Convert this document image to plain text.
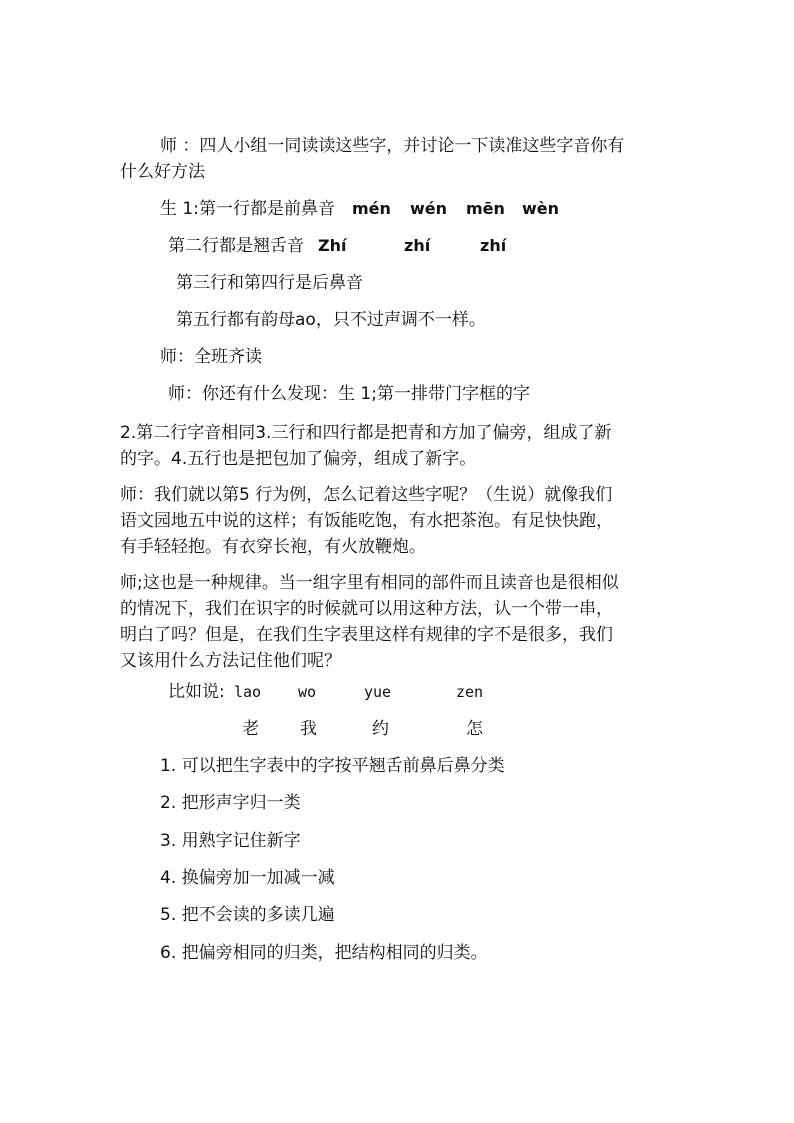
师 ：四人小组一同读读这些字，并讨论一下读准这些字音你有
什么好方法
生 1:第一行都是前鼻音 mén wén mēn wèn
第二行都是翘舌音 Zhí	zhí	zhí
第三行和第四行是后鼻音
第五行都有韵母ao，只不过声调不一样。
师：全班齐读
师：你还有什么发现：生 1;第一排带门字框的字
2.第二行字音相同3.三行和四行都是把青和方加了偏旁，组成了新
的字。4.五行也是把包加了偏旁，组成了新字。
师：我们就以第5 行为例，怎么记着这些字呢？（生说）就像我们
语文园地五中说的这样；有饭能吃饱，有水把茶泡。有足快快跑，
有手轻轻抱。有衣穿长袍，有火放鞭炮。
师;这也是一种规律。当一组字里有相同的部件而且读音也是很相似
的情况下，我们在识字的时候就可以用这种方法，认一个带一串，
明白了吗？但是，在我们生字表里这样有规律的字不是很多，我们
又该用什么方法记住他们呢？
比如说: lao wo	yue	zen
老 我	约	怎
1. 可以把生字表中的字按平翘舌前鼻后鼻分类
2. 把形声字归一类
3. 用熟字记住新字
4. 换偏旁加一加减一减
5. 把不会读的多读几遍
6. 把偏旁相同的归类，把结构相同的归类。
